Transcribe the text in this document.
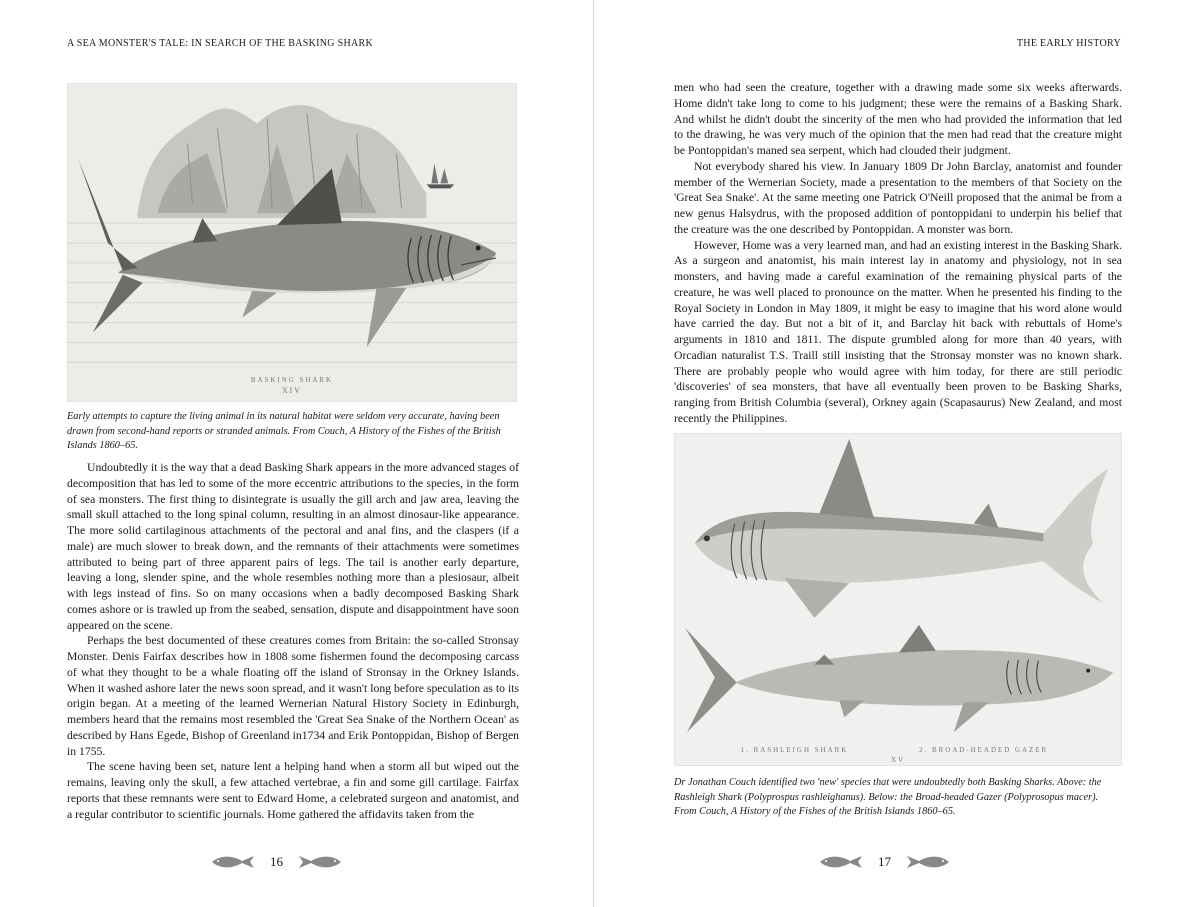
A SEA MONSTER'S TALE: IN SEARCH OF THE BASKING SHARK
BASKING SHARK
XIV
Early attempts to capture the living animal in its natural habitat were seldom very accurate, having been drawn from second-hand reports or stranded animals. From Couch, A History of the Fishes of the British Islands 1860–65.

Undoubtedly it is the way that a dead Basking Shark appears in the more advanced stages of decomposition that has led to some of the more eccentric attributions to the species, in the form of sea monsters. The first thing to disintegrate is usually the gill arch and jaw area, leaving the small skull attached to the long spinal column, resulting in an almost dinosaur-like appearance. The more solid cartilaginous attachments of the pectoral and anal fins, and the claspers (if a male) are much slower to break down, and the remnants of their attachments were sometimes attributed to being part of three apparent pairs of legs. The tail is another early departure, leaving a long, slender spine, and the whole resembles nothing more than a plesiosaur, albeit with legs instead of fins. So on many occasions when a badly decomposed Basking Shark comes ashore or is trawled up from the seabed, sensation, dispute and disappointment have soon appeared on the scene.

Perhaps the best documented of these creatures comes from Britain: the so-called Stronsay Monster. Denis Fairfax describes how in 1808 some fishermen found the decomposing carcass of what they thought to be a whale floating off the island of Stronsay in the Orkney Islands. When it washed ashore later the news soon spread, and it wasn't long before speculation as to its origin began. At a meeting of the learned Wernerian Natural History Society in Edinburgh, members heard that the remains most resembled the 'Great Sea Snake of the Northern Ocean' as described by Hans Egede, Bishop of Greenland in1734 and Erik Pontoppidan, Bishop of Bergen in 1755.

The scene having been set, nature lent a helping hand when a storm all but wiped out the remains, leaving only the skull, a few attached vertebrae, a fin and some gill cartilage. Fairfax reports that these remnants were sent to Edward Home, a celebrated surgeon and anatomist, and a regular contributor to scientific journals. Home gathered the affidavits taken from the

16
THE EARLY HISTORY

men who had seen the creature, together with a drawing made some six weeks afterwards. Home didn't take long to come to his judgment; these were the remains of a Basking Shark. And whilst he didn't doubt the sincerity of the men who had provided the information that led to the drawing, he was very much of the opinion that the men had read that the creature might be Pontoppidan's maned sea serpent, which had clouded their judgment.

Not everybody shared his view. In January 1809 Dr John Barclay, anatomist and founder member of the Wernerian Society, made a presentation to the members of that Society on the 'Great Sea Snake'. At the same meeting one Patrick O'Neill proposed that the animal be from a new genus Halsydrus, with the proposed addition of pontoppidani to underpin his belief that the creature was the one described by Pontoppidan. A monster was born.

However, Home was a very learned man, and had an existing interest in the Basking Shark. As a surgeon and anatomist, his main interest lay in anatomy and physiology, not in sea monsters, and having made a careful examination of the remaining physical parts of the creature, he was well placed to pronounce on the matter. When he presented his finding to the Royal Society in London in May 1809, it might be easy to imagine that his word alone would have carried the day. But not a bit of it, and Barclay hit back with rebuttals of Home's arguments in 1810 and 1811. The dispute grumbled along for more than 40 years, with Orcadian naturalist T.S. Traill still insisting that the Stronsay monster was no known shark. There are probably people who would agree with him today, for there are still periodic 'discoveries' of sea monsters, that have all eventually been proven to be Basking Sharks, ranging from British Columbia (several), Orkney again (Scapasaurus) New Zealand, and most recently the Philippines.

1. RASHLEIGH SHARK	2. BROAD-HEADED GAZER
XV
Dr Jonathan Couch identified two 'new' species that were undoubtedly both Basking Sharks. Above: the Rashleigh Shark (Polyprospus rashleighanus). Below: the Broad-headed Gazer (Polyprosopus macer). From Couch, A History of the Fishes of the British Islands 1860–65.
17
